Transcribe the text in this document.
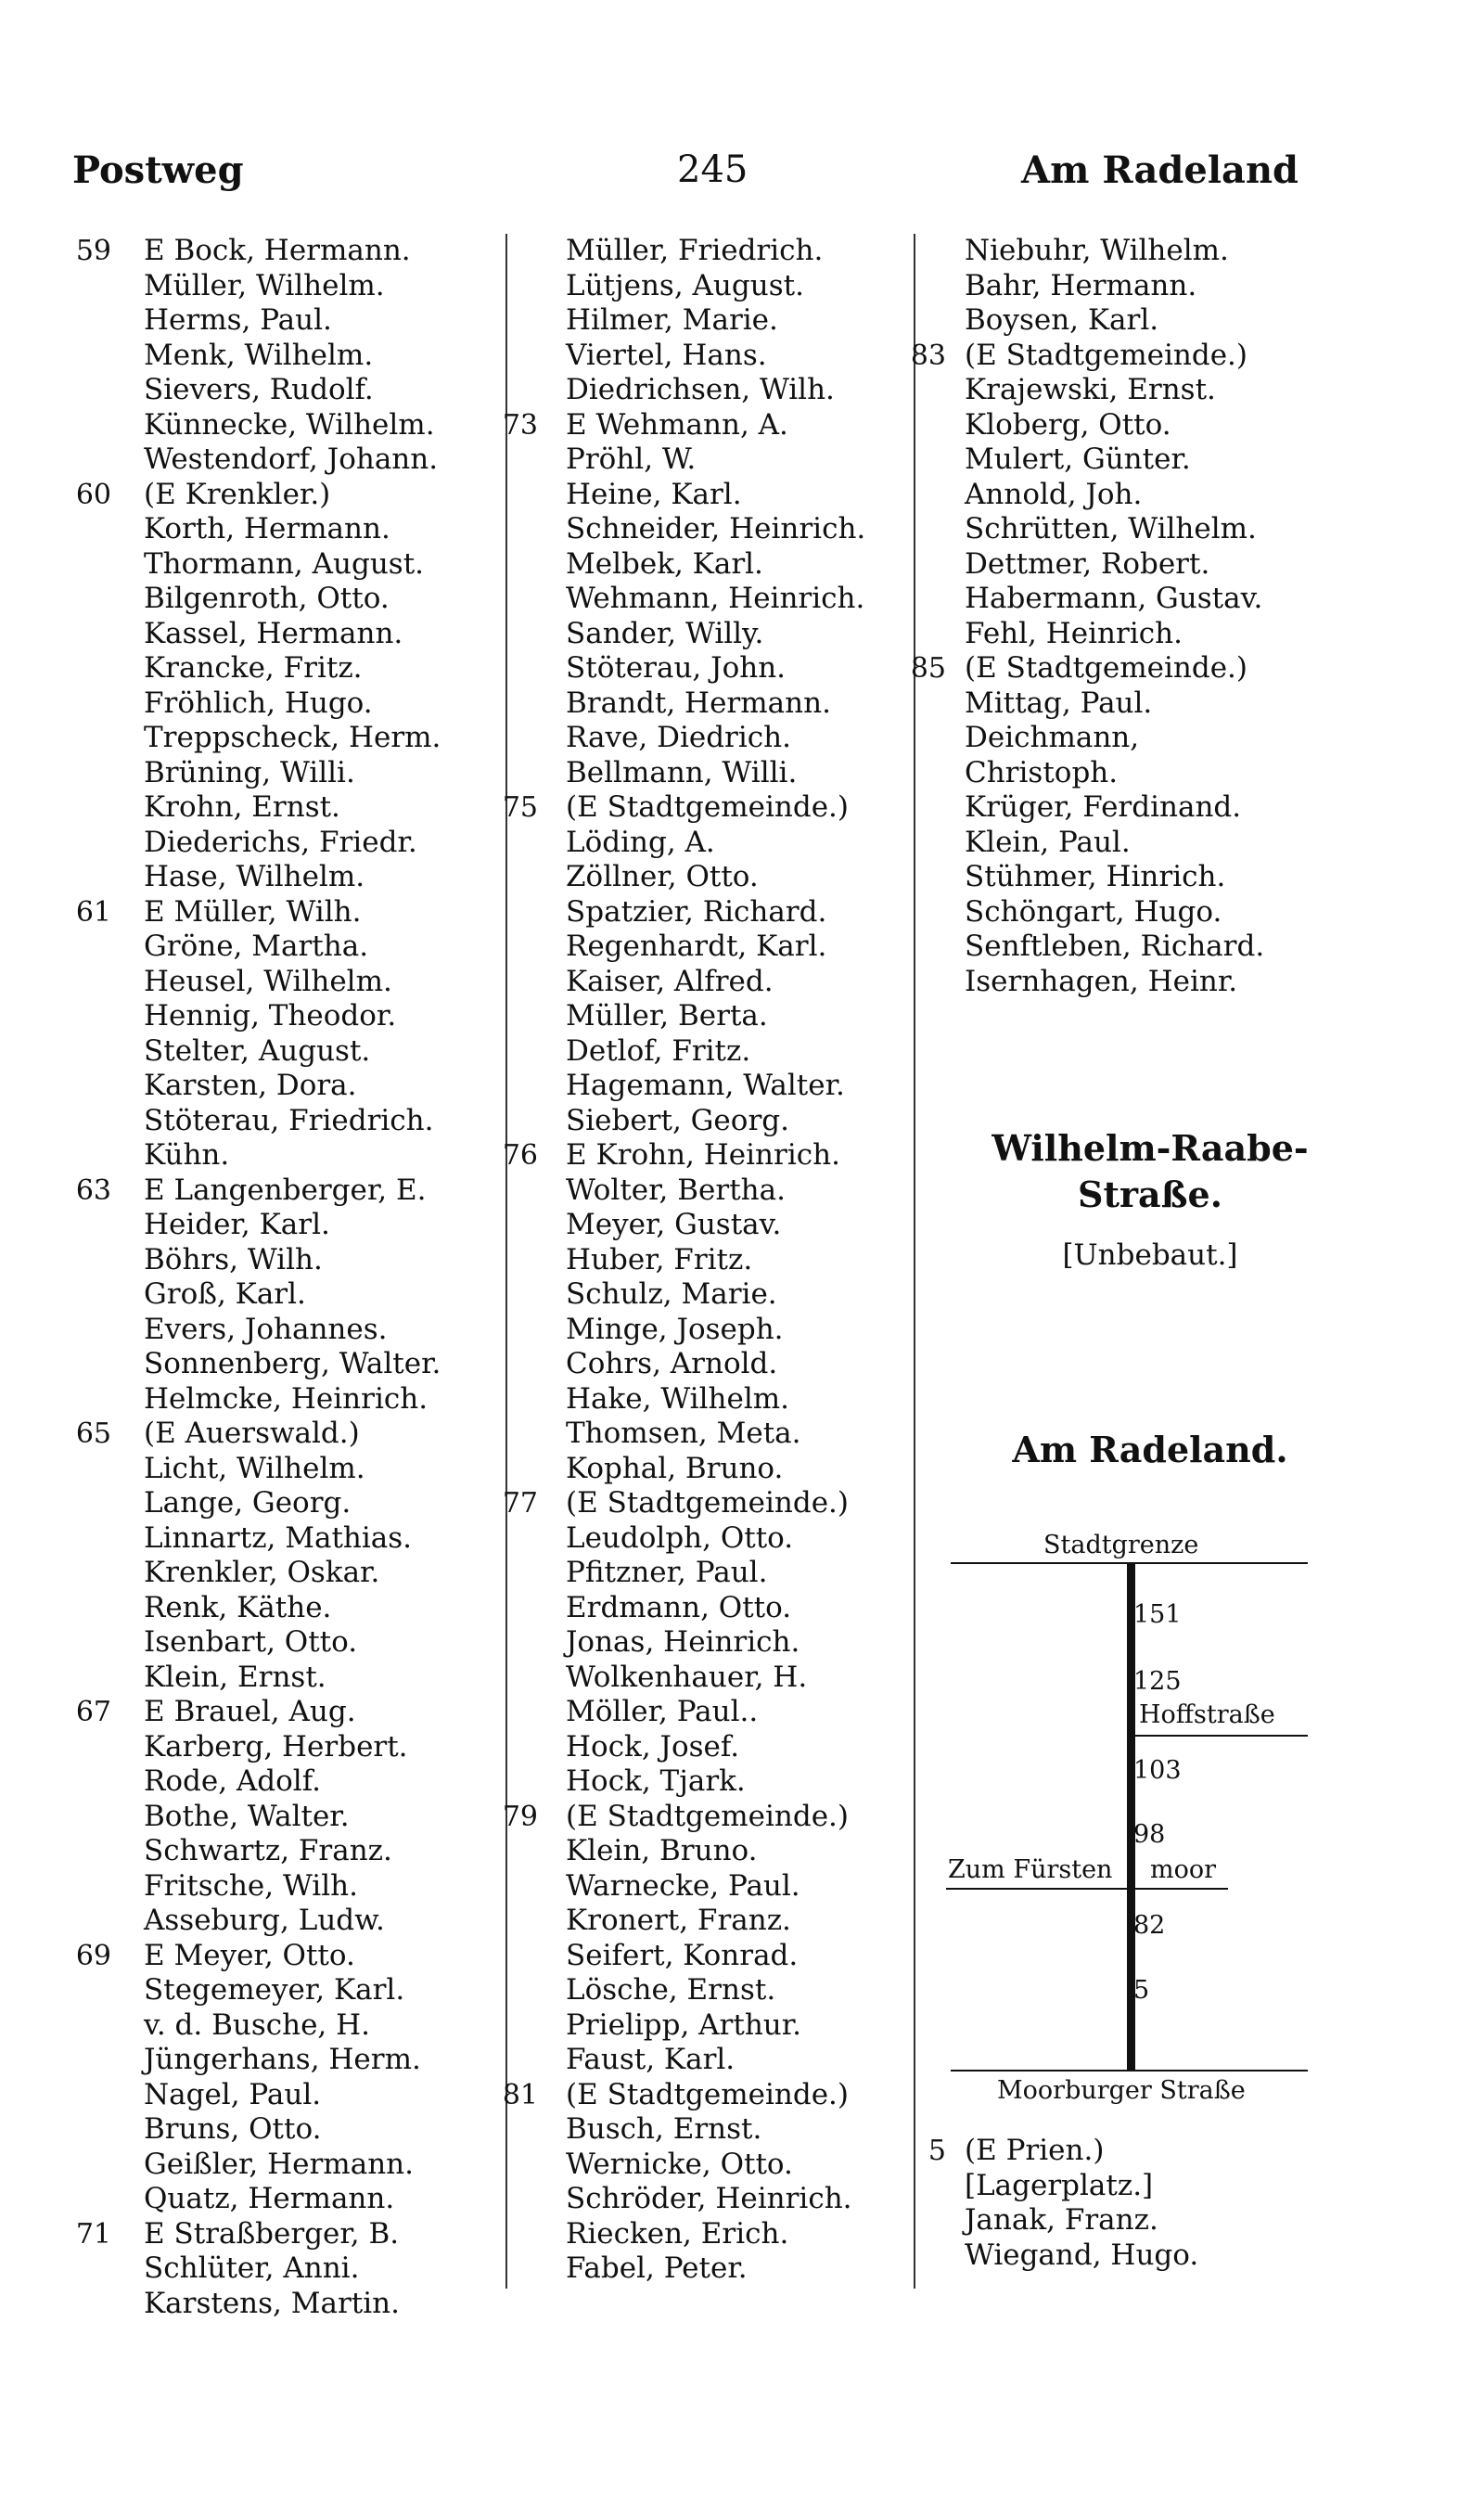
Postweg	245	Am Radeland
59 E Bock, Hermann.
Müller, Wilhelm.
Herms, Paul.
Menk, Wilhelm.
Sievers, Rudolf.
Künnecke, Wilhelm.
Westendorf, Johann.
60 (E Krenkler.)
Korth, Hermann.
Thormann, August.
Bilgenroth, Otto.
Kassel, Hermann.
Krancke, Fritz.
Fröhlich, Hugo.
Treppscheck, Herm.
Brüning, Willi.
Krohn, Ernst.
Diederichs, Friedr.
Hase, Wilhelm.
61 E Müller, Wilh.
Gröne, Martha.
Heusel, Wilhelm.
Hennig, Theodor.
Stelter, August.
Karsten, Dora.
Stöterau, Friedrich.
Kühn.
63 E Langenberger, E.
Heider, Karl.
Böhrs, Wilh.
Groß, Karl.
Evers, Johannes.
Sonnenberg, Walter.
Helmcke, Heinrich.
65 (E Auerswald.)
Licht, Wilhelm.
Lange, Georg.
Linnartz, Mathias.
Krenkler, Oskar.
Renk, Käthe.
Isenbart, Otto.
Klein, Ernst.
67 E Brauel, Aug.
Karberg, Herbert.
Rode, Adolf.
Bothe, Walter.
Schwartz, Franz.
Fritsche, Wilh.
Asseburg, Ludw.
69 E Meyer, Otto.
Stegemeyer, Karl.
v. d. Busche, H.
Jüngerhans, Herm.
Nagel, Paul.
Bruns, Otto.
Geißler, Hermann.
Quatz, Hermann.
71 E Straßberger, B.
Schlüter, Anni.
Karstens, Martin.
Müller, Friedrich.
Lütjens, August.
Hilmer, Marie.
Viertel, Hans.
Diedrichsen, Wilh.
73 E Wehmann, A.
Pröhl, W.
Heine, Karl.
Schneider, Heinrich.
Melbek, Karl.
Wehmann, Heinrich.
Sander, Willy.
Stöterau, John.
Brandt, Hermann.
Rave, Diedrich.
Bellmann, Willi.
75 (E Stadtgemeinde.)
Löding, A.
Zöllner, Otto.
Spatzier, Richard.
Regenhardt, Karl.
Kaiser, Alfred.
Müller, Berta.
Detlof, Fritz.
Hagemann, Walter.
Siebert, Georg.
76 E Krohn, Heinrich.
Wolter, Bertha.
Meyer, Gustav.
Huber, Fritz.
Schulz, Marie.
Minge, Joseph.
Cohrs, Arnold.
Hake, Wilhelm.
Thomsen, Meta.
Kophal, Bruno.
77 (E Stadtgemeinde.)
Leudolph, Otto.
Pfitzner, Paul.
Erdmann, Otto.
Jonas, Heinrich.
Wolkenhauer, H.
Möller, Paul..
Hock, Josef.
Hock, Tjark.
79 (E Stadtgemeinde.)
Klein, Bruno.
Warnecke, Paul.
Kronert, Franz.
Seifert, Konrad.
Lösche, Ernst.
Prielipp, Arthur.
Faust, Karl.
81 (E Stadtgemeinde.)
Busch, Ernst.
Wernicke, Otto.
Schröder, Heinrich.
Riecken, Erich.
Fabel, Peter.
Niebuhr, Wilhelm.
Bahr, Hermann.
Boysen, Karl.
83 (E Stadtgemeinde.)
Krajewski, Ernst.
Kloberg, Otto.
Mulert, Günter.
Annold, Joh.
Schrütten, Wilhelm.
Dettmer, Robert.
Habermann, Gustav.
Fehl, Heinrich.
85 (E Stadtgemeinde.)
Mittag, Paul.
Deichmann,
Christoph.
Krüger, Ferdinand.
Klein, Paul.
Stühmer, Hinrich.
Schöngart, Hugo.
Senftleben, Richard.
Isernhagen, Heinr.
Wilhelm-Raabe-
Straße.
[Unbebaut.]
Am Radeland.
Stadtgrenze
151
125
Hoffstraße
103
98
Zum Fürsten moor
82
5
Moorburger Straße
5 (E Prien.)
[Lagerplatz.]
Janak, Franz.
Wiegand, Hugo.
